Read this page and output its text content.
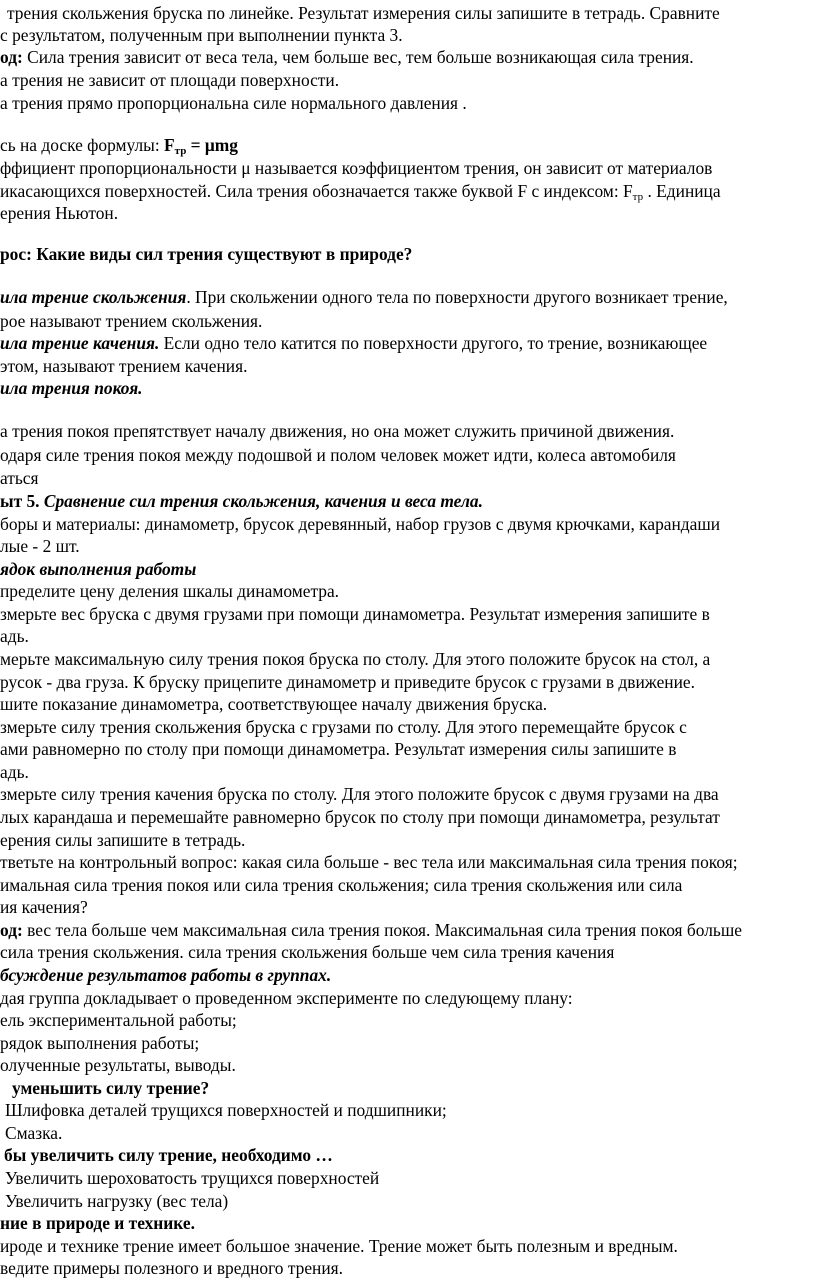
трения скольжения бруска по линейке. Результат измерения силы запишите в тетрадь. Сравните
с результатом, полученным при выполнении пункта 3.
од: Сила трения зависит от веса тела, чем больше вес, тем больше возникающая сила трения.
а трения не зависит от площади поверхности.
а трения прямо пропорциональна силе нормального давления .
сь на доске формулы: $F_{тр} = \mu mg$
ффициент пропорциональности μ называется коэффициентом трения, он зависит от материалов
икасающихся поверхностей. Сила трения обозначается также буквой F с индексом: $F_{тр}$ . Единица
ерения Ньютон.
рос: Какие виды сил трения существуют в природе?
ила трение скольжения. При скольжении одного тела по поверхности другого возникает трение,
рое называют трением скольжения.
ила трение качения. Если одно тело катится по поверхности другого, то трение, возникающее
этом, называют трением качения.
ила трения покоя.
а трения покоя препятствует началу движения, но она может служить причиной движения.
одаря силе трения покоя между подошвой и полом человек может идти, колеса автомобиля
аться
ыт 5. Сравнение сил трения скольжения, качения и веса тела.
боры и материалы: динамометр, брусок деревянный, набор грузов с двумя крючками, карандаши
лые - 2 шт.
ядок выполнения работы
пределите цену деления шкалы динамометра.
змерьте вес бруска с двумя грузами при помощи динамометра. Результат измерения запишите в
адь.
мерьте максимальную силу трения покоя бруска по столу. Для этого положите брусок на стол, а
русок - два груза. К бруску прицепите динамометр и приведите брусок с грузами в движение.
шите показание динамометра, соответствующее началу движения бруска.
змерьте силу трения скольжения бруска с грузами по столу. Для этого перемещайте брусок с
ами равномерно по столу при помощи динамометра. Результат измерения силы запишите в
адь.
змерьте силу трения качения бруска по столу. Для этого положите брусок с двумя грузами на два
лых карандаша и перемешайте равномерно брусок по столу при помощи динамометра, результат
ерения силы запишите в тетрадь.
тветьте на контрольный вопрос: какая сила больше - вес тела или максимальная сила трения покоя;
имальная сила трения покоя или сила трения скольжения; сила трения скольжения или сила
ия качения?
од: вес тела больше чем максимальная сила трения покоя. Максимальная сила трения покоя больше
сила трения скольжения. сила трения скольжения больше чем сила трения качения
бсуждение результатов работы в группах.
дая группа докладывает о проведенном эксперименте по следующему плану:
ель экспериментальной работы;
рядок выполнения работы;
олученные результаты, выводы.
уменьшить силу трение?
Шлифовка деталей трущихся поверхностей и подшипники;
Смазка.
бы увеличить силу трение, необходимо …
Увеличить шероховатость трущихся поверхностей
Увеличить нагрузку (вес тела)
ние в природе и технике.
ироде и технике трение имеет большое значение. Трение может быть полезным и вредным.
ведите примеры полезного и вредного трения.
